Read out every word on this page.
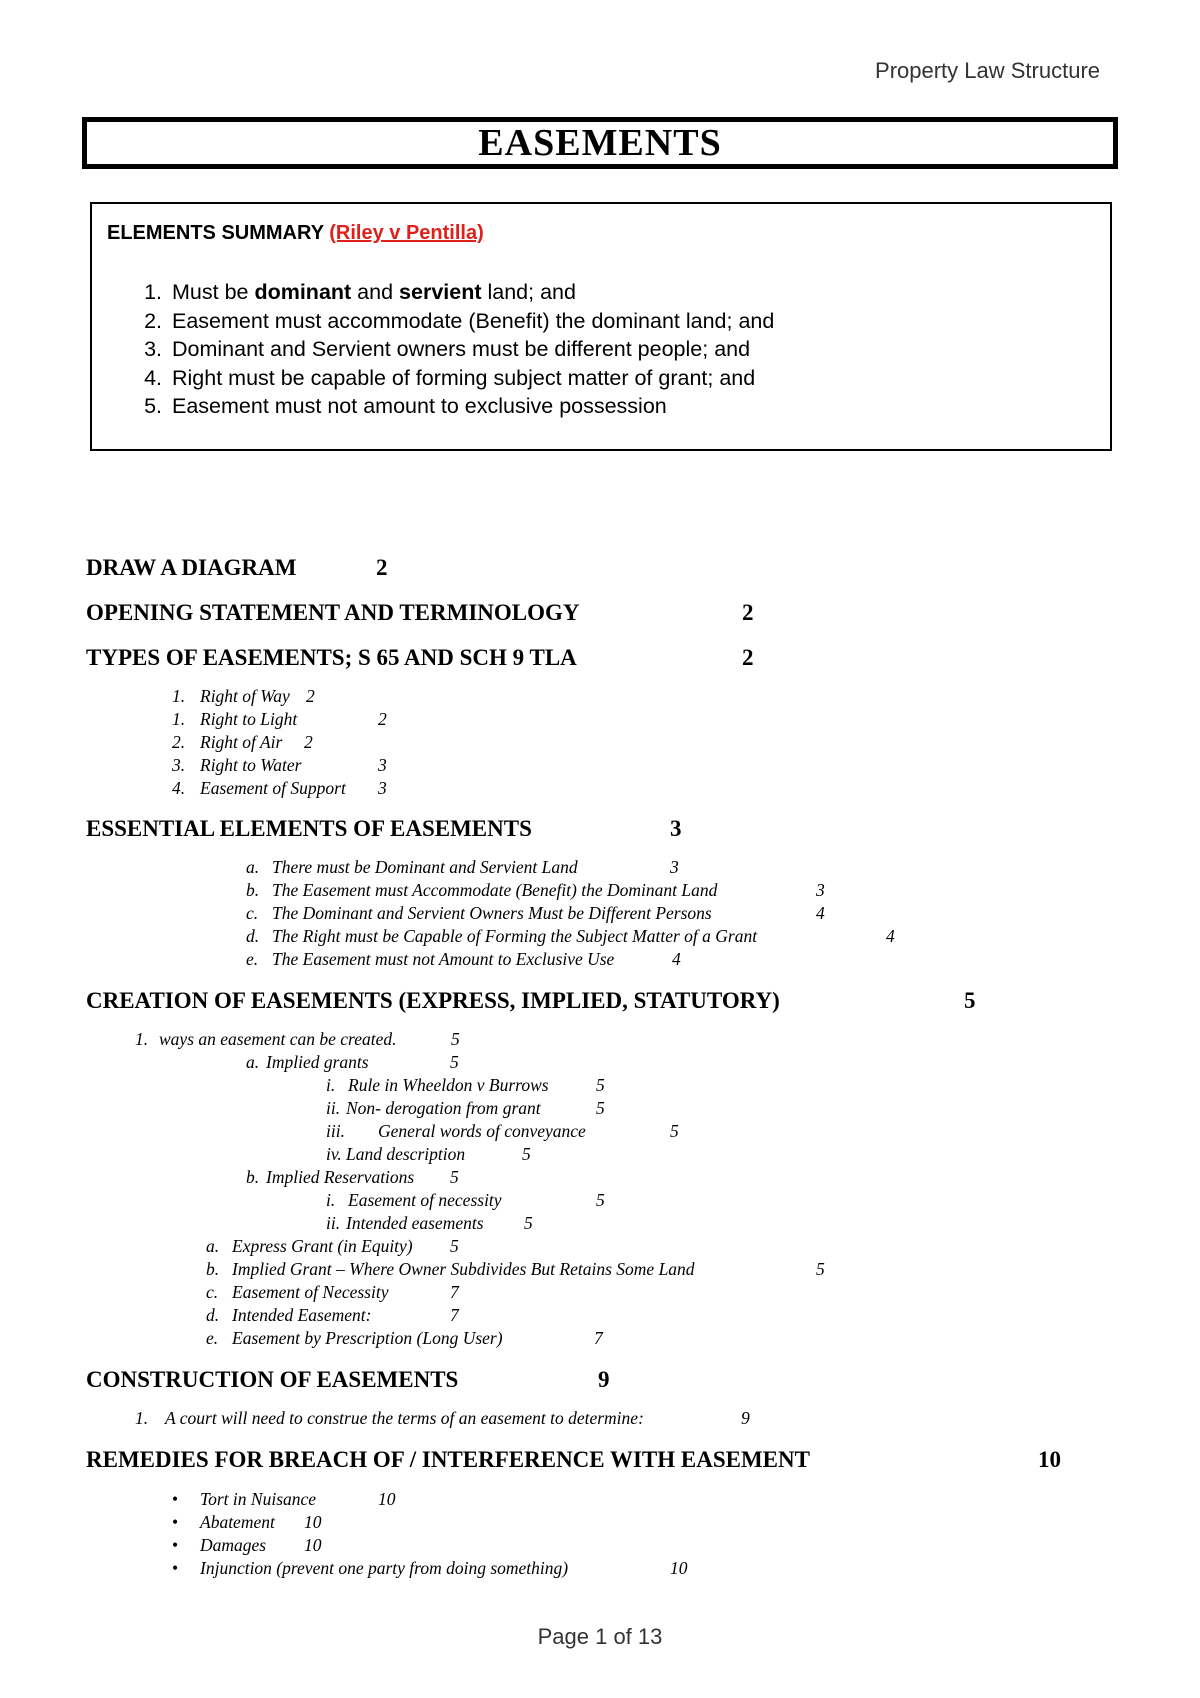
Property Law Structure
EASEMENTS
ELEMENTS SUMMARY (Riley v Pentilla)
1. Must be dominant and servient land; and
2. Easement must accommodate (Benefit) the dominant land; and
3. Dominant and Servient owners must be different people; and
4. Right must be capable of forming subject matter of grant; and
5. Easement must not amount to exclusive possession
DRAW A DIAGRAM	2
OPENING STATEMENT AND TERMINOLOGY	2
TYPES OF EASEMENTS; S 65 AND SCH 9 TLA	2
1. Right of Way 2
1. Right to Light	2
2. Right of Air 2
3. Right to Water	3
4. Easement of Support 3
ESSENTIAL ELEMENTS OF EASEMENTS	3
a. There must be Dominant and Servient Land	3
b. The Easement must Accommodate (Benefit) the Dominant Land	3
c. The Dominant and Servient Owners Must be Different Persons	4
d. The Right must be Capable of Forming the Subject Matter of a Grant	4
e. The Easement must not Amount to Exclusive Use	4
CREATION OF EASEMENTS (EXPRESS, IMPLIED, STATUTORY)	5
1. ways an easement can be created.	5
a. Implied grants	5
i. Rule in Wheeldon v Burrows	5
ii. Non- derogation from grant	5
iii. General words of conveyance	5
iv. Land description	5
b. Implied Reservations 5
i. Easement of necessity	5
ii. Intended easements 5
a. Express Grant (in Equity) 5
b. Implied Grant – Where Owner Subdivides But Retains Some Land	5
c. Easement of Necessity	7
d. Intended Easement:	7
e. Easement by Prescription (Long User)	7
CONSTRUCTION OF EASEMENTS	9
1. A court will need to construe the terms of an easement to determine:	9
REMEDIES FOR BREACH OF / INTERFERENCE WITH EASEMENT	10
• Tort in Nuisance	10
• Abatement 10
• Damages 10
• Injunction (prevent one party from doing something)	10
Page 1 of 13
